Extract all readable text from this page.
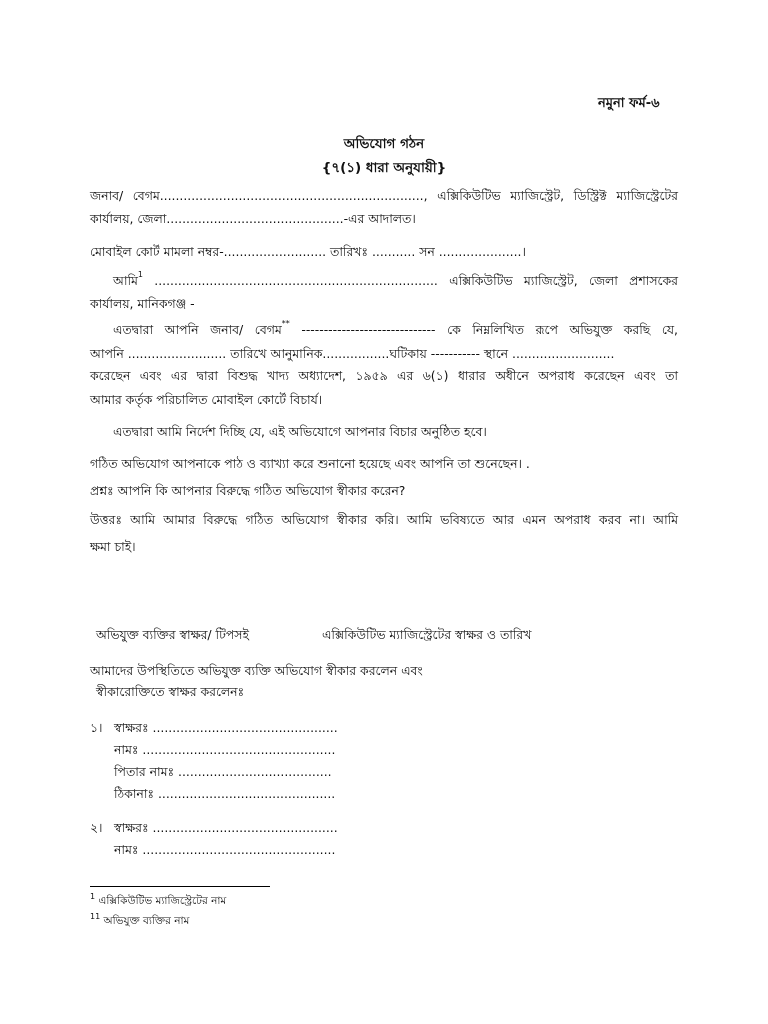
নমুনা ফর্ম-৬
অভিযোগ গঠন
{৭(১) ধারা অনুযায়ী}
জনাব/ বেগম..................................................................., এক্সিকিউটিভ ম্যাজিস্ট্রেট, ডিস্ট্রিক্ট ম্যাজিস্ট্রেটের
কার্যালয়, জেলা.............................................-এর আদালত।
মোবাইল কোর্ট মামলা নম্বর-.......................... তারিখঃ ........... সন .....................।
আমি$^1$ ........................................................................ এক্সিকিউটিভ ম্যাজিস্ট্রেট, জেলা প্রশাসকের
কার্যালয়, মানিকগঞ্জ -
এতদ্বারা আপনি জনাব/ বেগম** ------------------------------ কে নিম্নলিখিত রূপে অভিযুক্ত করছি যে,
আপনি ......................... তারিখে আনুমানিক.................ঘটিকায় ----------- স্থানে ..........................
করেছেন এবং এর দ্বারা বিশুদ্ধ খাদ্য অধ্যাদেশ, ১৯৫৯ এর ৬(১) ধারার অধীনে অপরাধ করেছেন এবং তা
আমার কর্তৃক পরিচালিত মোবাইল কোর্টে বিচার্য।
এতদ্বারা আমি নির্দেশ দিচ্ছি যে, এই অভিযোগে আপনার বিচার অনুষ্ঠিত হবে।
গঠিত অভিযোগ আপনাকে পাঠ ও ব্যাখ্যা করে শুনানো হয়েছে এবং আপনি তা শুনেছেন। .
প্রশ্নঃ আপনি কি আপনার বিরুদ্ধে গঠিত অভিযোগ স্বীকার করেন?
উত্তরঃ আমি আমার বিরুদ্ধে গঠিত অভিযোগ স্বীকার করি। আমি ভবিষ্যতে আর এমন অপরাধ করব না। আমি
ক্ষমা চাই।
অভিযুক্ত ব্যক্তির স্বাক্ষর/ টিপসই	এক্সিকিউটিভ ম্যাজিস্ট্রেটের স্বাক্ষর ও তারিখ
আমাদের উপস্থিতিতে অভিযুক্ত ব্যক্তি অভিযোগ স্বীকার করলেন এবং
স্বীকারোক্তিতে স্বাক্ষর করলেনঃ
১। স্বাক্ষরঃ ...............................................
নামঃ .................................................
পিতার নামঃ .......................................
ঠিকানাঃ .............................................
২। স্বাক্ষরঃ ...............................................
নামঃ .................................................
$^1$ এক্সিকিউটিভ ম্যাজিস্ট্রেটের নাম
$^{11}$ অভিযুক্ত ব্যক্তির নাম
